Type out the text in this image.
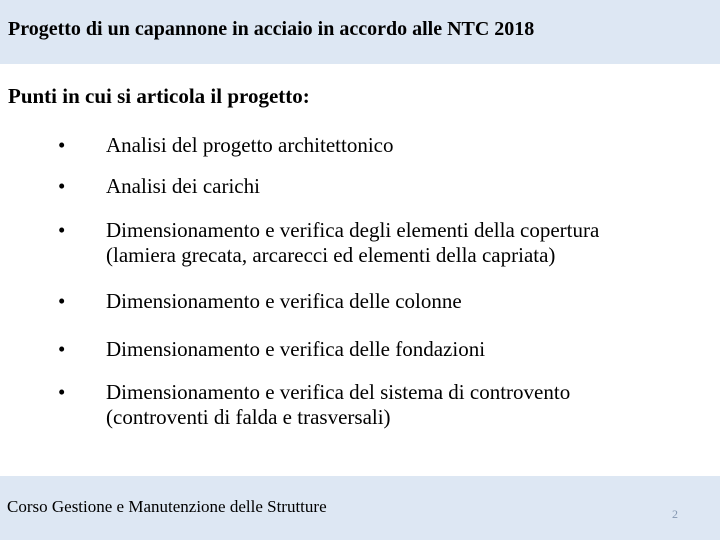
Progetto di un capannone in acciaio in accordo alle NTC 2018
Punti in cui si articola il progetto:
•	Analisi del progetto architettonico
•	Analisi dei carichi
•	Dimensionamento e verifica degli elementi della copertura
(lamiera grecata, arcarecci ed elementi della capriata)
•	Dimensionamento e verifica delle colonne
•	Dimensionamento e verifica delle fondazioni
•	Dimensionamento e verifica del sistema di controvento
(controventi di falda e trasversali)
Corso Gestione e Manutenzione delle Strutture	2
